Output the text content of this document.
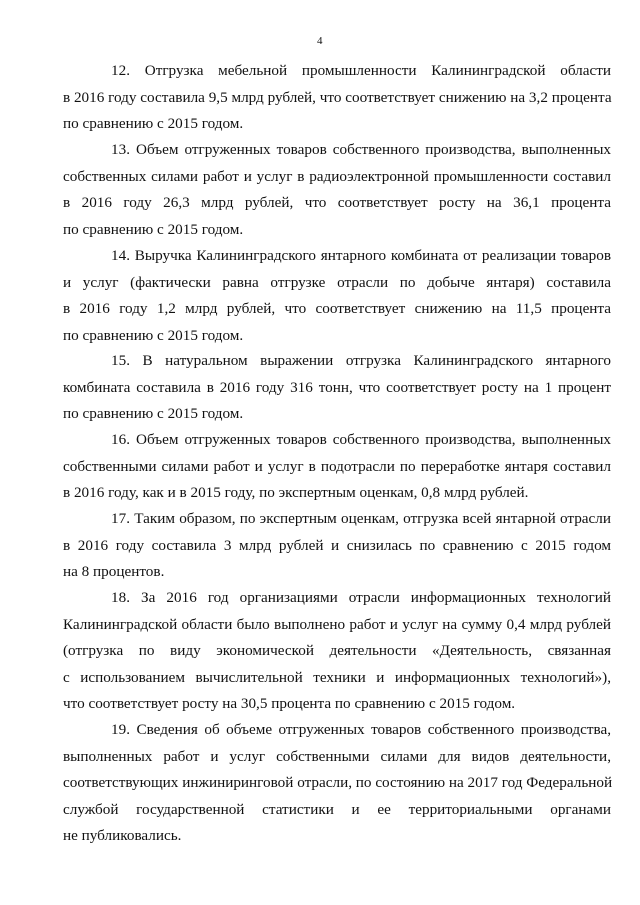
4

12. Отгрузка мебельной промышленности Калининградской области
в 2016 году составила 9,5 млрд рублей, что соответствует снижению на 3,2 процента
по сравнению с 2015 годом.

13. Объем отгруженных товаров собственного производства, выполненных
собственных силами работ и услуг в радиоэлектронной промышленности составил
в 2016 году 26,3 млрд рублей, что соответствует росту на 36,1 процента
по сравнению с 2015 годом.

14. Выручка Калининградского янтарного комбината от реализации товаров
и услуг (фактически равна отгрузке отрасли по добыче янтаря) составила
в 2016 году 1,2 млрд рублей, что соответствует снижению на 11,5 процента
по сравнению с 2015 годом.

15. В натуральном выражении отгрузка Калининградского янтарного
комбината составила в 2016 году 316 тонн, что соответствует росту на 1 процент
по сравнению с 2015 годом.

16. Объем отгруженных товаров собственного производства, выполненных
собственными силами работ и услуг в подотрасли по переработке янтаря составил
в 2016 году, как и в 2015 году, по экспертным оценкам, 0,8 млрд рублей.

17. Таким образом, по экспертным оценкам, отгрузка всей янтарной отрасли
в 2016 году составила 3 млрд рублей и снизилась по сравнению с 2015 годом
на 8 процентов.

18. За 2016 год организациями отрасли информационных технологий
Калининградской области было выполнено работ и услуг на сумму 0,4 млрд рублей
(отгрузка по виду экономической деятельности «Деятельность, связанная
с использованием вычислительной техники и информационных технологий»),
что соответствует росту на 30,5 процента по сравнению с 2015 годом.

19. Сведения об объеме отгруженных товаров собственного производства,
выполненных работ и услуг собственными силами для видов деятельности,
соответствующих инжиниринговой отрасли, по состоянию на 2017 год Федеральной
службой государственной статистики и ее территориальными органами
не публиковались.
